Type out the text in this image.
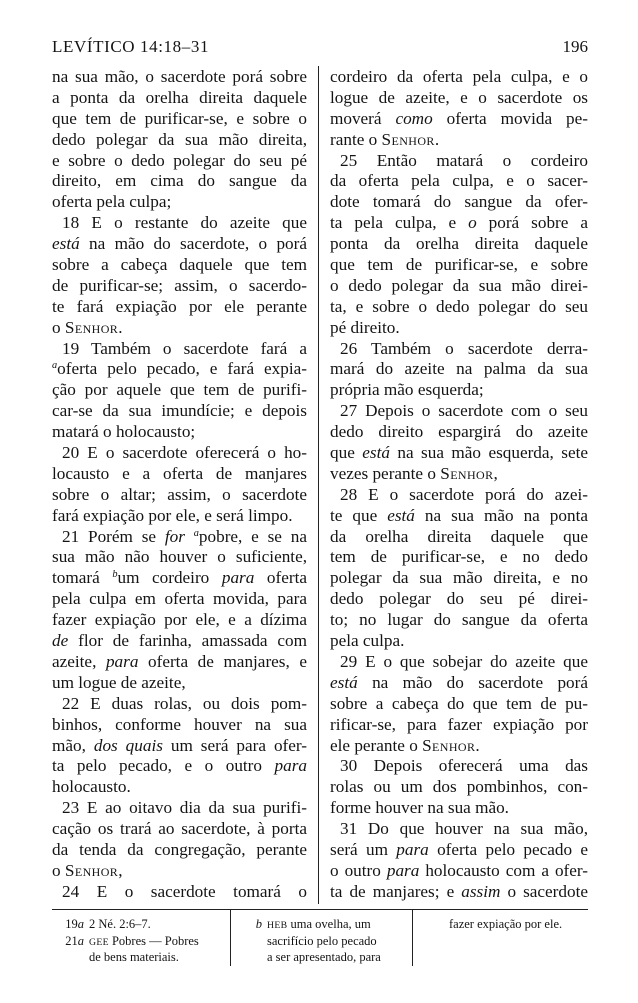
LEVÍTICO 14:18–31	196
na sua mão, o sacerdote porá sobre
a ponta da orelha direita daquele
que tem de purificar-se, e sobre o
dedo polegar da sua mão direita,
e sobre o dedo polegar do seu pé
direito, em cima do sangue da
oferta pela culpa;
18 E o restante do azeite que
está na mão do sacerdote, o porá
sobre a cabeça daquele que tem
de purificar-se; assim, o sacerdo-
te fará expiação por ele perante
o Senhor.
19 Também o sacerdote fará a
$^a$oferta pelo pecado, e fará expia-
ção por aquele que tem de purifi-
car-se da sua imundície; e depois
matará o holocausto;
20 E o sacerdote oferecerá o ho-
locausto e a oferta de manjares
sobre o altar; assim, o sacerdote
fará expiação por ele, e será limpo.
21 Porém se for $^a$pobre, e se na
sua mão não houver o suficiente,
tomará $^b$um cordeiro para oferta
pela culpa em oferta movida, para
fazer expiação por ele, e a dízima
de flor de farinha, amassada com
azeite, para oferta de manjares, e
um logue de azeite,
22 E duas rolas, ou dois pom-
binhos, conforme houver na sua
mão, dos quais um será para ofer-
ta pelo pecado, e o outro para
holocausto.
23 E ao oitavo dia da sua purifi-
cação os trará ao sacerdote, à porta
da tenda da congregação, perante
o Senhor,
24 E o sacerdote tomará o
cordeiro da oferta pela culpa, e o
logue de azeite, e o sacerdote os
moverá como oferta movida pe-
rante o Senhor.
25 Então matará o cordeiro
da oferta pela culpa, e o sacer-
dote tomará do sangue da ofer-
ta pela culpa, e o porá sobre a
ponta da orelha direita daquele
que tem de purificar-se, e sobre
o dedo polegar da sua mão direi-
ta, e sobre o dedo polegar do seu
pé direito.
26 Também o sacerdote derra-
mará do azeite na palma da sua
própria mão esquerda;
27 Depois o sacerdote com o seu
dedo direito espargirá do azeite
que está na sua mão esquerda, sete
vezes perante o Senhor,
28 E o sacerdote porá do azei-
te que está na sua mão na ponta
da orelha direita daquele que
tem de purificar-se, e no dedo
polegar da sua mão direita, e no
dedo polegar do seu pé direi-
to; no lugar do sangue da oferta
pela culpa.
29 E o que sobejar do azeite que
está na mão do sacerdote porá
sobre a cabeça do que tem de pu-
rificar-se, para fazer expiação por
ele perante o Senhor.
30 Depois oferecerá uma das
rolas ou um dos pombinhos, con-
forme houver na sua mão.
31 Do que houver na sua mão,
será um para oferta pelo pecado e
o outro para holocausto com a ofer-
ta de manjares; e assim o sacerdote
19a 2 Né. 2:6–7.
21a GEE Pobres — Pobres
de bens materiais.
b HEB uma ovelha, um
sacrifício pelo pecado
a ser apresentado, para
fazer expiação por ele.
